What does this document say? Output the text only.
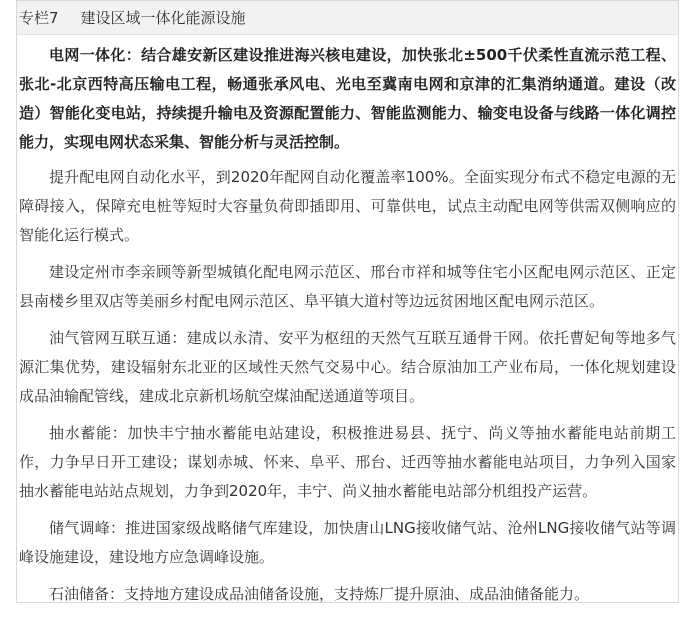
专栏7 建设区域一体化能源设施

电网一体化：结合雄安新区建设推进海兴核电建设，加快张北±500千伏柔性直流示范工程、张北-北京西特高压输电工程，畅通张承风电、光电至冀南电网和京津的汇集消纳通道。建设（改造）智能化变电站，持续提升输电及资源配置能力、智能监测能力、输变电设备与线路一体化调控能力，实现电网状态采集、智能分析与灵活控制。

提升配电网自动化水平，到2020年配网自动化覆盖率100%。全面实现分布式不稳定电源的无障碍接入，保障充电桩等短时大容量负荷即插即用、可靠供电，试点主动配电网等供需双侧响应的智能化运行模式。

建设定州市李亲顾等新型城镇化配电网示范区、邢台市祥和城等住宅小区配电网示范区、正定县南楼乡里双店等美丽乡村配电网示范区、阜平镇大道村等边远贫困地区配电网示范区。

油气管网互联互通：建成以永清、安平为枢纽的天然气互联互通骨干网。依托曹妃甸等地多气源汇集优势，建设辐射东北亚的区域性天然气交易中心。结合原油加工产业布局，一体化规划建设成品油输配管线，建成北京新机场航空煤油配送通道等项目。

抽水蓄能：加快丰宁抽水蓄能电站建设，积极推进易县、抚宁、尚义等抽水蓄能电站前期工作，力争早日开工建设；谋划赤城、怀来、阜平、邢台、迁西等抽水蓄能电站项目，力争列入国家抽水蓄能电站站点规划，力争到2020年，丰宁、尚义抽水蓄能电站部分机组投产运营。

储气调峰：推进国家级战略储气库建设，加快唐山LNG接收储气站、沧州LNG接收储气站等调峰设施建设，建设地方应急调峰设施。

石油储备：支持地方建设成品油储备设施，支持炼厂提升原油、成品油储备能力。
